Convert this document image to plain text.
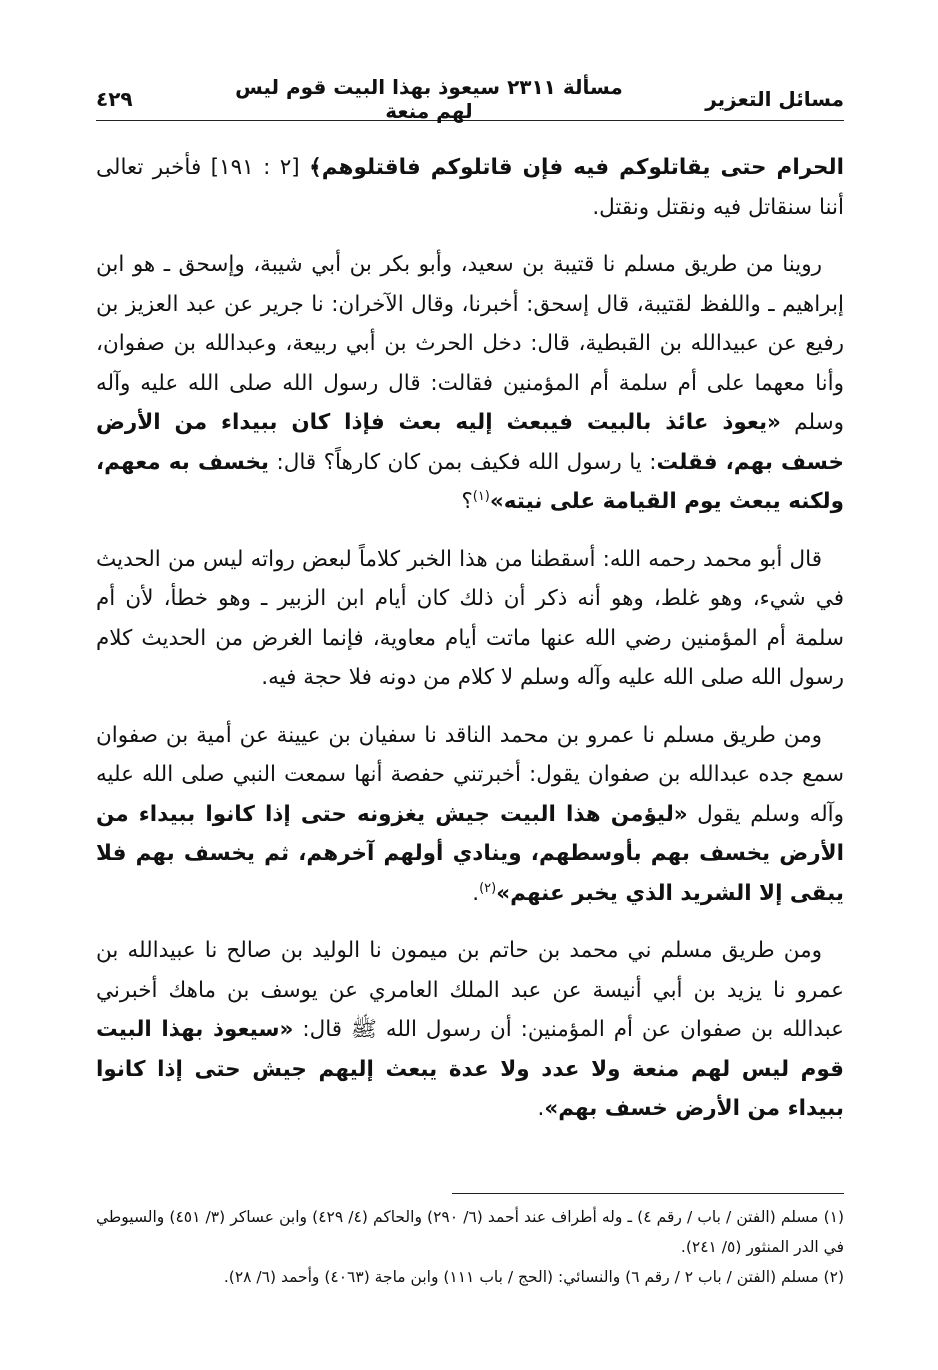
مسائل التعزير
مسألة ٢٣١١ سيعوذ بهذا البيت قوم ليس لهم منعة
٤٢٩

الحرام حتى يقاتلوكم فيه فإن قاتلوكم فاقتلوهم﴾ [٢ : ١٩١] فأخبر تعالى أننا سنقاتل فيه ونقتل ونقتل.

روينا من طريق مسلم نا قتيبة بن سعيد، وأبو بكر بن أبي شيبة، وإسحق ـ هو ابن إبراهيم ـ واللفظ لقتيبة، قال إسحق: أخبرنا، وقال الآخران: نا جرير عن عبد العزيز بن رفيع عن عبيدالله بن القبطية، قال: دخل الحرث بن أبي ربيعة، وعبدالله بن صفوان، وأنا معهما على أم سلمة أم المؤمنين فقالت: قال رسول الله صلى الله عليه وآله وسلم «يعوذ عائذ بالبيت فيبعث إليه بعث فإذا كان ببيداء من الأرض خسف بهم، فقلت: يا رسول الله فكيف بمن كان كارهاً؟ قال: يخسف به معهم، ولكنه يبعث يوم القيامة على نيته»$^{(١)}$؟

قال أبو محمد رحمه الله: أسقطنا من هذا الخبر كلاماً لبعض رواته ليس من الحديث في شيء، وهو غلط، وهو أنه ذكر أن ذلك كان أيام ابن الزبير ـ وهو خطأ، لأن أم سلمة أم المؤمنين رضي الله عنها ماتت أيام معاوية، فإنما الغرض من الحديث كلام رسول الله صلى الله عليه وآله وسلم لا كلام من دونه فلا حجة فيه.

ومن طريق مسلم نا عمرو بن محمد الناقد نا سفيان بن عيينة عن أمية بن صفوان سمع جده عبدالله بن صفوان يقول: أخبرتني حفصة أنها سمعت النبي صلى الله عليه وآله وسلم يقول «ليؤمن هذا البيت جيش يغزونه حتى إذا كانوا ببيداء من الأرض يخسف بهم بأوسطهم، وينادي أولهم آخرهم، ثم يخسف بهم فلا يبقى إلا الشريد الذي يخبر عنهم»$^{(٢)}$.

ومن طريق مسلم ني محمد بن حاتم بن ميمون نا الوليد بن صالح نا عبيدالله بن عمرو نا يزيد بن أبي أنيسة عن عبد الملك العامري عن يوسف بن ماهك أخبرني عبدالله بن صفوان عن أم المؤمنين: أن رسول الله ﷺ قال: «سيعوذ بهذا البيت قوم ليس لهم منعة ولا عدد ولا عدة يبعث إليهم جيش حتى إذا كانوا ببيداء من الأرض خسف بهم».

(١) مسلم (الفتن / باب / رقم ٤) ـ وله أطراف عند أحمد (٦/ ٢٩٠) والحاكم (٤/ ٤٢٩) وابن عساكر (٣/ ٤٥١) والسيوطي في الدر المنثور (٥/ ٢٤١).

(٢) مسلم (الفتن / باب ٢ / رقم ٦) والنسائي: (الحج / باب ١١١) وابن ماجة (٤٠٦٣) وأحمد (٦/ ٢٨).
